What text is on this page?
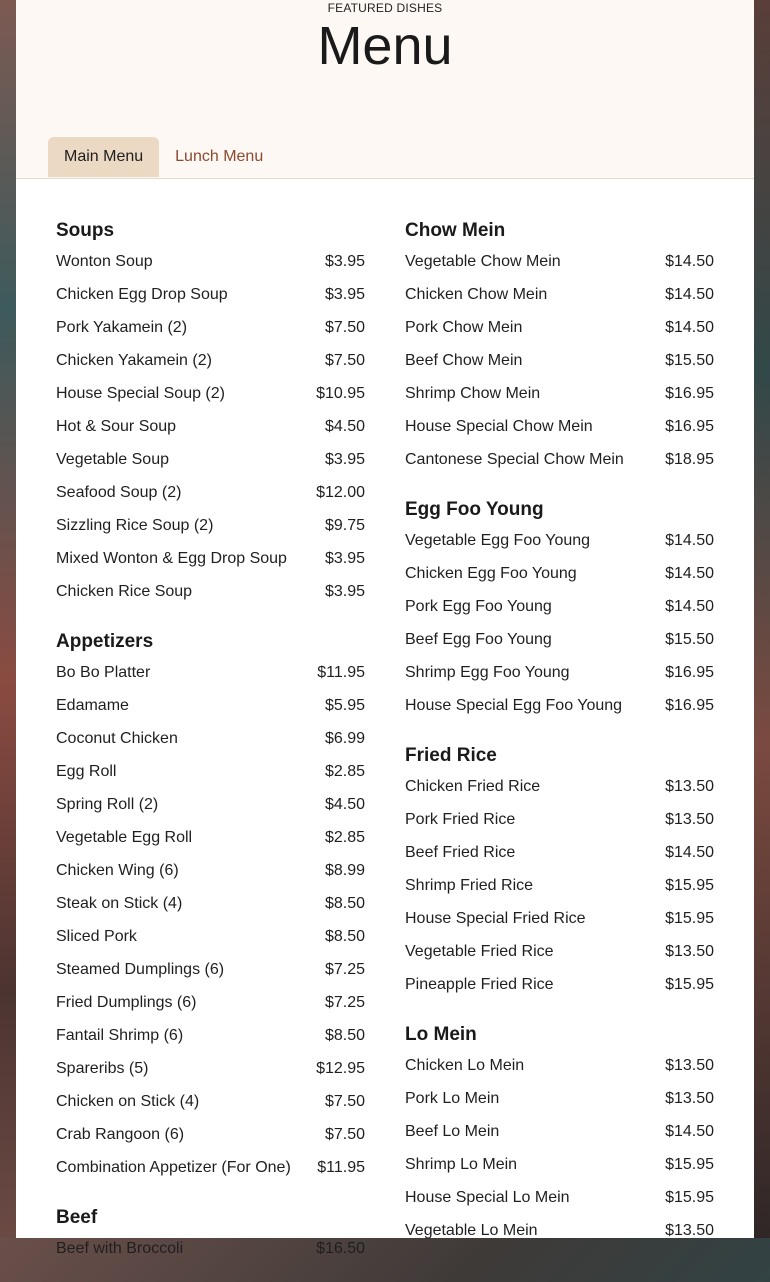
FEATURED DISHES
Menu
Main Menu	Lunch Menu
Soups
Wonton Soup	$3.95
Chicken Egg Drop Soup	$3.95
Pork Yakamein (2)	$7.50
Chicken Yakamein (2)	$7.50
House Special Soup (2)	$10.95
Hot & Sour Soup	$4.50
Vegetable Soup	$3.95
Seafood Soup (2)	$12.00
Sizzling Rice Soup (2)	$9.75
Mixed Wonton & Egg Drop Soup $3.95
Chicken Rice Soup	$3.95
Appetizers
Bo Bo Platter	$11.95
Edamame	$5.95
Coconut Chicken	$6.99
Egg Roll	$2.85
Spring Roll (2)	$4.50
Vegetable Egg Roll	$2.85
Chicken Wing (6)	$8.99
Steak on Stick (4)	$8.50
Sliced Pork	$8.50
Steamed Dumplings (6)	$7.25
Fried Dumplings (6)	$7.25
Fantail Shrimp (6)	$8.50
Spareribs (5)	$12.95
Chicken on Stick (4)	$7.50
Crab Rangoon (6)	$7.50
Combination Appetizer (For One) $11.95
Beef
Beef with Broccoli	$16.50
Chow Mein
Vegetable Chow Mein	$14.50
Chicken Chow Mein	$14.50
Pork Chow Mein	$14.50
Beef Chow Mein	$15.50
Shrimp Chow Mein	$16.95
House Special Chow Mein	$16.95
Cantonese Special Chow Mein	$18.95
Egg Foo Young
Vegetable Egg Foo Young	$14.50
Chicken Egg Foo Young	$14.50
Pork Egg Foo Young	$14.50
Beef Egg Foo Young	$15.50
Shrimp Egg Foo Young	$16.95
House Special Egg Foo Young	$16.95
Fried Rice
Chicken Fried Rice	$13.50
Pork Fried Rice	$13.50
Beef Fried Rice	$14.50
Shrimp Fried Rice	$15.95
House Special Fried Rice	$15.95
Vegetable Fried Rice	$13.50
Pineapple Fried Rice	$15.95
Lo Mein
Chicken Lo Mein	$13.50
Pork Lo Mein	$13.50
Beef Lo Mein	$14.50
Shrimp Lo Mein	$15.95
House Special Lo Mein	$15.95
Vegetable Lo Mein	$13.50
